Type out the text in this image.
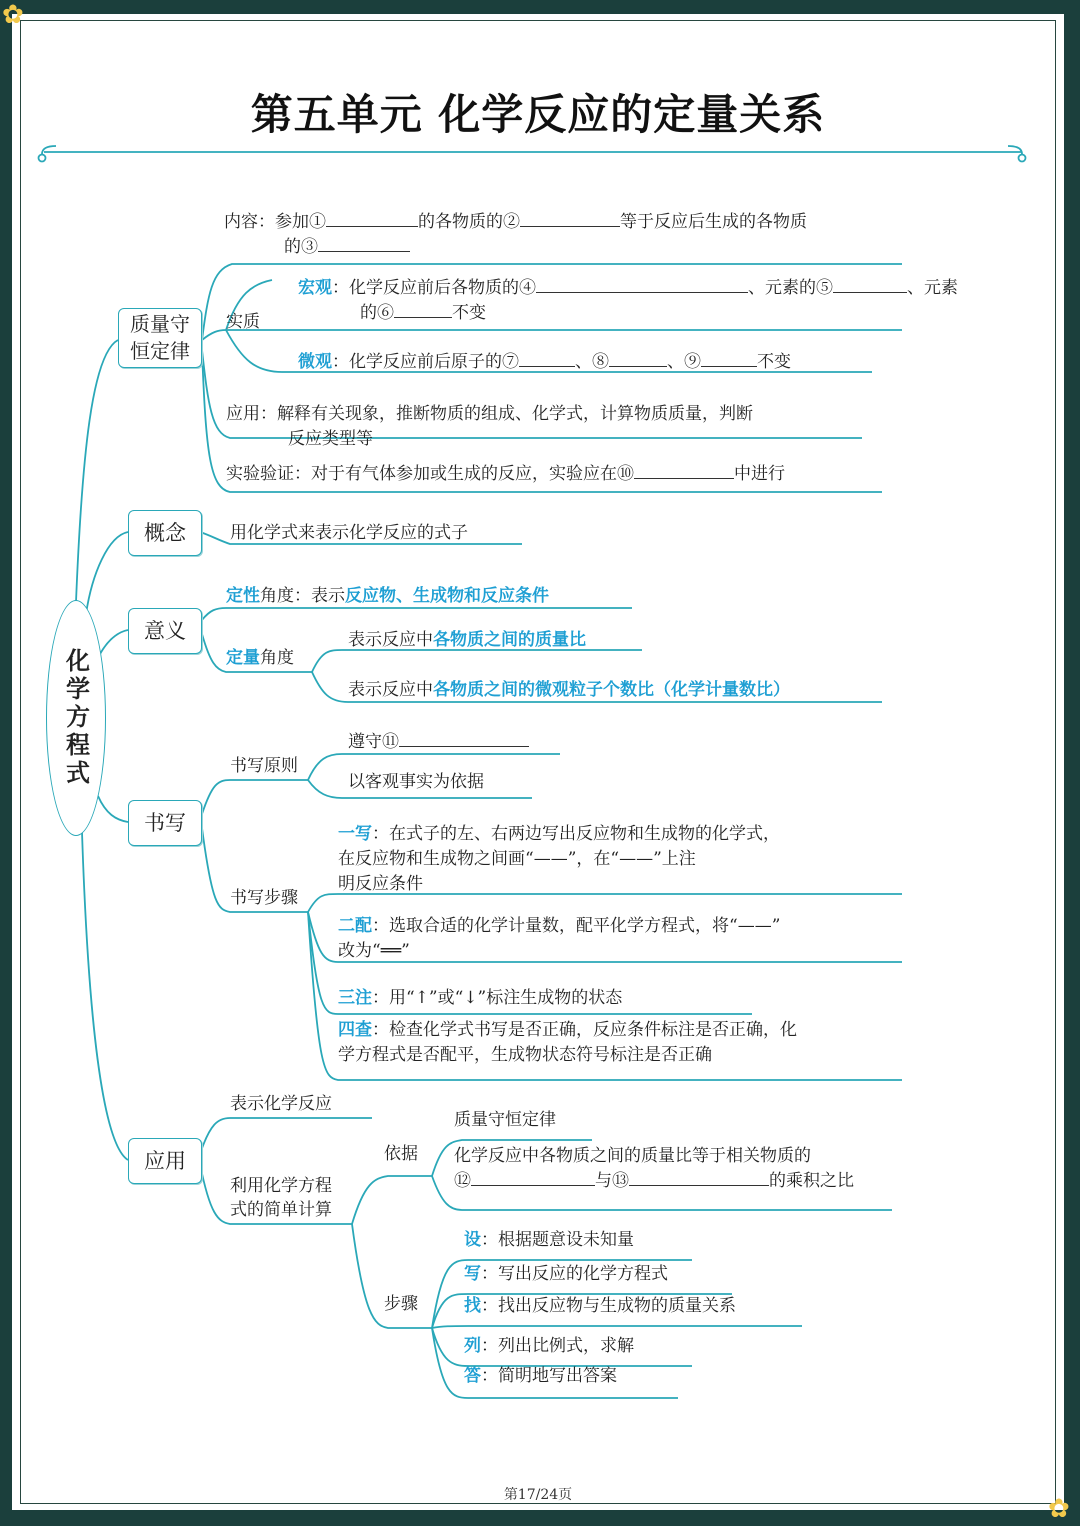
第五单元 化学反应的定量关系
化学方程式
质量守恒定律
概念
意义
书写
应用
内容：参加①	的各物质的②	等于反应后生成的各物质
的③
实质
宏观：化学反应前后各物质的④	、元素的⑤	、元素
的⑥	不变
微观：化学反应前后原子的⑦	、⑧	、⑨	不变
应用：解释有关现象，推断物质的组成、化学式，计算物质质量，判断
反应类型等
实验验证：对于有气体参加或生成的反应，实验应在⑩	中进行
用化学式来表示化学反应的式子
定性角度：表示反应物、生成物和反应条件
定量角度
表示反应中各物质之间的质量比
表示反应中各物质之间的微观粒子个数比（化学计量数比）
书写原则
遵守⑪
以客观事实为依据
书写步骤
一写：在式子的左、右两边写出反应物和生成物的化学式，
在反应物和生成物之间画“——”，在“——”上注
明反应条件
二配：选取合适的化学计量数，配平化学方程式，将“——”
改为“══”
三注：用“↑”或“↓”标注生成物的状态
四查：检查化学式书写是否正确，反应条件标注是否正确，化
学方程式是否配平，生成物状态符号标注是否正确
表示化学反应
利用化学方程
式的简单计算
依据
质量守恒定律
化学反应中各物质之间的质量比等于相关物质的
⑫	与⑬	的乘积之比
步骤
设：根据题意设未知量
写：写出反应的化学方程式
找：找出反应物与生成物的质量关系
列：列出比例式，求解
答：简明地写出答案
第17/24页
✿
✿
